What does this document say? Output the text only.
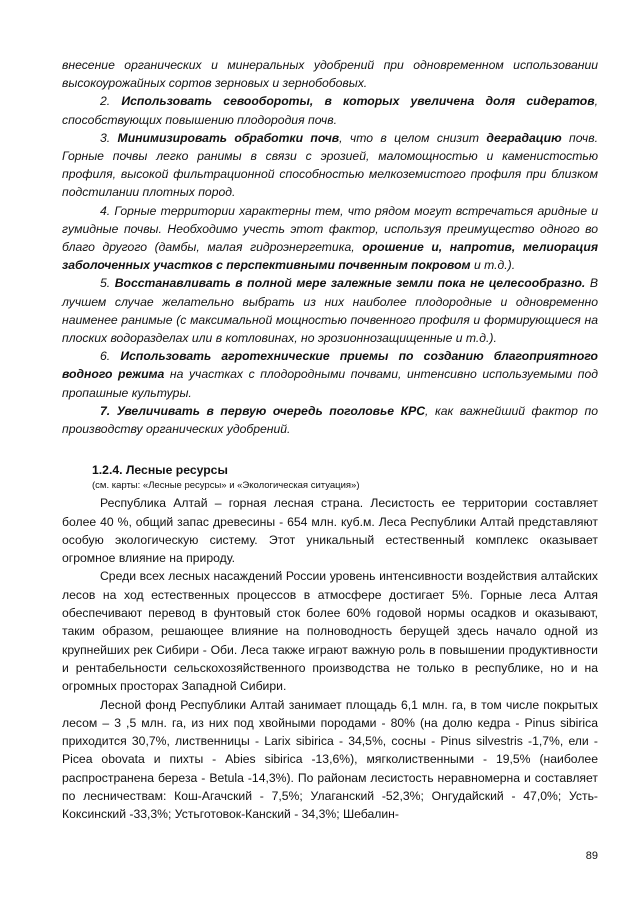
внесение органических и минеральных удобрений при одновременном использовании высокоурожайных сортов зерновых и зернобобовых.

2. Использовать севообороты, в которых увеличена доля сидератов, способствующих повышению плодородия почв.

3. Минимизировать обработки почв, что в целом снизит деградацию почв. Горные почвы легко ранимы в связи с эрозией, маломощностью и каменистостью профиля, высокой фильтрационной способностью мелкоземистого профиля при близком подстилании плотных пород.

4. Горные территории характерны тем, что рядом могут встречаться аридные и гумидные почвы. Необходимо учесть этот фактор, используя преимущество одного во благо другого (дамбы, малая гидроэнергетика, орошение и, напротив, мелиорация заболоченных участков с перспективными почвенным покровом и т.д.).

5. Восстанавливать в полной мере залежные земли пока не целесообразно. В лучшем случае желательно выбрать из них наиболее плодородные и одновременно наименее ранимые (с максимальной мощностью почвенного профиля и формирующиеся на плоских водоразделах или в котловинах, но эрозионнозащищенные и т.д.).

6. Использовать агротехнические приемы по созданию благоприятного водного режима на участках с плодородными почвами, интенсивно используемыми под пропашные культуры.

7. Увеличивать в первую очередь поголовье КРС, как важнейший фактор по производству органических удобрений.

1.2.4. Лесные ресурсы
(см. карты: «Лесные ресурсы» и «Экологическая ситуация»)

Республика Алтай – горная лесная страна. Лесистость ее территории составляет более 40 %, общий запас древесины - 654 млн. куб.м. Леса Республики Алтай представляют особую экологическую систему. Этот уникальный естественный комплекс оказывает огромное влияние на природу.

Среди всех лесных насаждений России уровень интенсивности воздействия алтайских лесов на ход естественных процессов в атмосфере достигает 5%. Горные леса Алтая обеспечивают перевод в фунтовый сток более 60% годовой нормы осадков и оказывают, таким образом, решающее влияние на полноводность берущей здесь начало одной из крупнейших рек Сибири - Оби. Леса также играют важную роль в повышении продуктивности и рентабельности сельскохозяйственного производства не только в республике, но и на огромных просторах Западной Сибири.

Лесной фонд Республики Алтай занимает площадь 6,1 млн. га, в том числе покрытых лесом – 3 ,5 млн. га, из них под хвойными породами - 80% (на долю кедра - Pinus sibirica приходится 30,7%, лиственницы - Larix sibirica - 34,5%, сосны - Pinus silvestris -1,7%, ели - Picea obovata и пихты - Abies sibirica -13,6%), мягколиственными - 19,5% (наиболее распространена береза - Betula -14,3%). По районам лесистость неравномерна и составляет по лесничествам: Кош-Агачский - 7,5%; Улаганский -52,3%; Онгудайский - 47,0%; Усть-Коксинский -33,3%; Устьготовок-Канский - 34,3%; Шебалин-

89
